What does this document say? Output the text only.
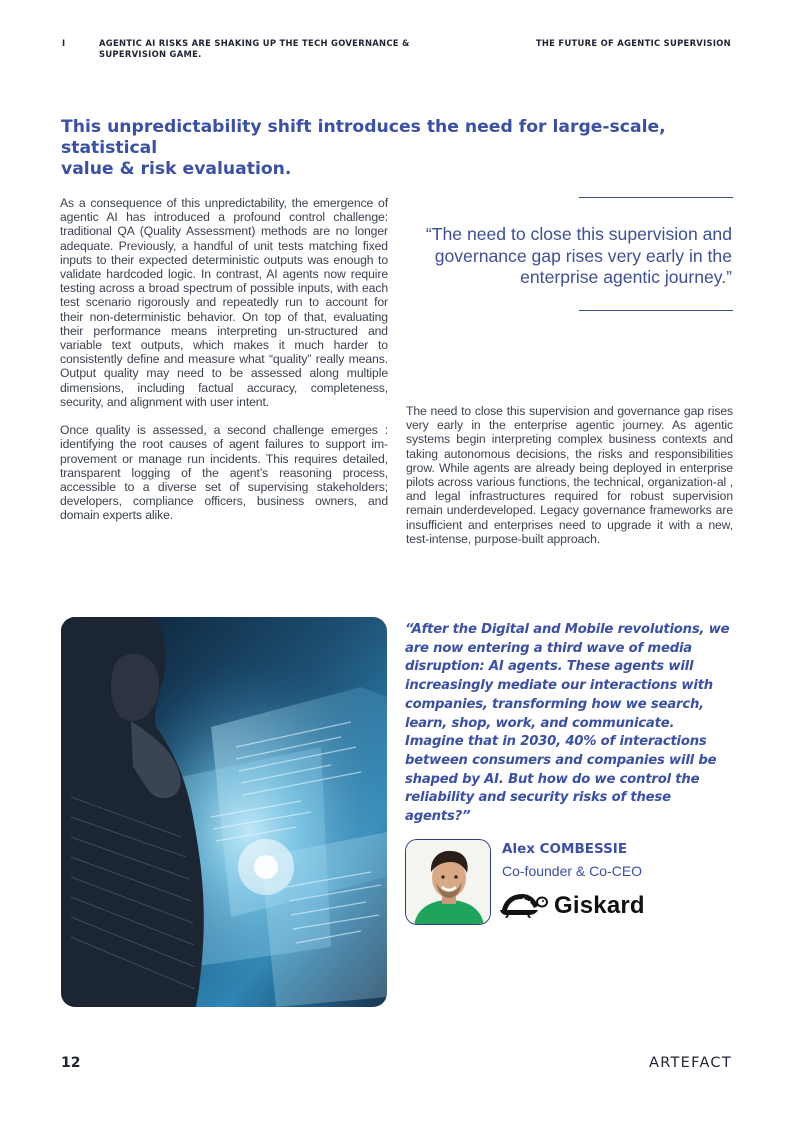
I	AGENTIC AI RISKS ARE SHAKING UP THE TECH GOVERNANCE &
SUPERVISION GAME.
THE FUTURE OF AGENTIC SUPERVISION
This unpredictability shift introduces the need for large-scale, statistical
value & risk evaluation.

As a consequence of this unpredictability, the emergence of agentic AI has introduced a profound control challenge: traditional QA (Quality Assessment) methods are no longer adequate. Previously, a handful of unit tests matching fixed inputs to their expected deterministic outputs was enough to validate hardcoded logic. In contrast, AI agents now require testing across a broad spectrum of possible inputs, with each test scenario rigorously and repeatedly run to account for their non-deterministic behavior. On top of that, evaluating their performance means interpreting un-structured and variable text outputs, which makes it much harder to consistently define and measure what “quality” really means. Output quality may need to be assessed along multiple dimensions, including factual accuracy, completeness, security, and alignment with user intent.

Once quality is assessed, a second challenge emerges : identifying the root causes of agent failures to support im-provement or manage run incidents. This requires detailed, transparent logging of the agent’s reasoning process, accessible to a diverse set of supervising stakeholders; developers, compliance officers, business owners, and domain experts alike.

“The need to close this supervision and governance gap rises very early in the enterprise agentic journey.”

The need to close this supervision and governance gap rises very early in the enterprise agentic journey. As agentic systems begin interpreting complex business contexts and taking autonomous decisions, the risks and responsibilities grow. While agents are already being deployed in enterprise pilots across various functions, the technical, organization-al , and legal infrastructures required for robust supervision remain underdeveloped. Legacy governance frameworks are insufficient and enterprises need to upgrade it with a new, test-intense, purpose-built approach.

“After the Digital and Mobile revolutions, we are now entering a third wave of media disruption: AI agents. These agents will increasingly mediate our interactions with companies, transforming how we search, learn, shop, work, and communicate. Imagine that in 2030, 40% of interactions between consumers and companies will be shaped by AI. But how do we control the reliability and security risks of these agents?”
Alex COMBESSIE
Co-founder & Co-CEO
Giskard
12	ARTEFACT
